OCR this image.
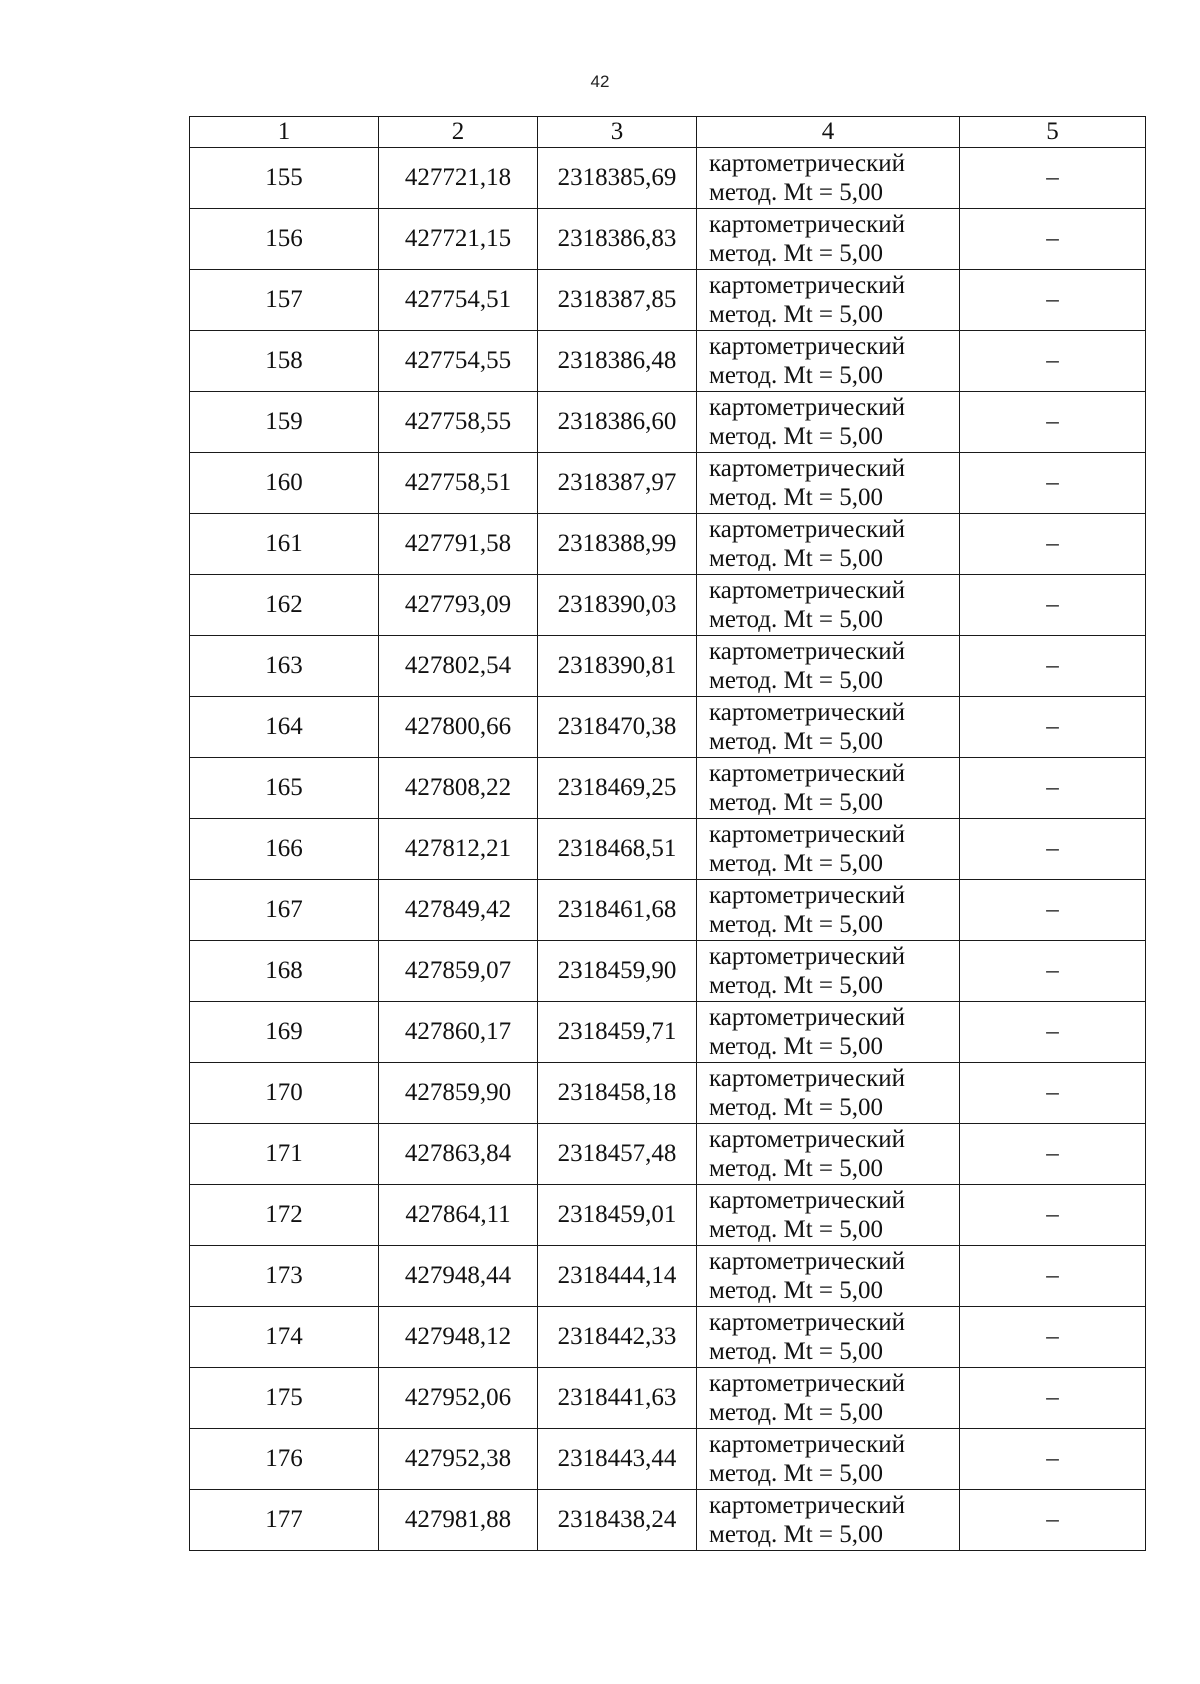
42
1	2	3	4	5
155	427721,18	2318385,69	картометрический
метод. Mt = 5,00	–
156	427721,15	2318386,83	картометрический
метод. Mt = 5,00	–
157	427754,51	2318387,85	картометрический
метод. Mt = 5,00	–
158	427754,55	2318386,48	картометрический
метод. Mt = 5,00	–
159	427758,55	2318386,60	картометрический
метод. Mt = 5,00	–
160	427758,51	2318387,97	картометрический
метод. Mt = 5,00	–
161	427791,58	2318388,99	картометрический
метод. Mt = 5,00	–
162	427793,09	2318390,03	картометрический
метод. Mt = 5,00	–
163	427802,54	2318390,81	картометрический
метод. Mt = 5,00	–
164	427800,66	2318470,38	картометрический
метод. Mt = 5,00	–
165	427808,22	2318469,25	картометрический
метод. Mt = 5,00	–
166	427812,21	2318468,51	картометрический
метод. Mt = 5,00	–
167	427849,42	2318461,68	картометрический
метод. Mt = 5,00	–
168	427859,07	2318459,90	картометрический
метод. Mt = 5,00	–
169	427860,17	2318459,71	картометрический
метод. Mt = 5,00	–
170	427859,90	2318458,18	картометрический
метод. Mt = 5,00	–
171	427863,84	2318457,48	картометрический
метод. Mt = 5,00	–
172	427864,11	2318459,01	картометрический
метод. Mt = 5,00	–
173	427948,44	2318444,14	картометрический
метод. Mt = 5,00	–
174	427948,12	2318442,33	картометрический
метод. Mt = 5,00	–
175	427952,06	2318441,63	картометрический
метод. Mt = 5,00	–
176	427952,38	2318443,44	картометрический
метод. Mt = 5,00	–
177	427981,88	2318438,24	картометрический
метод. Mt = 5,00	–
